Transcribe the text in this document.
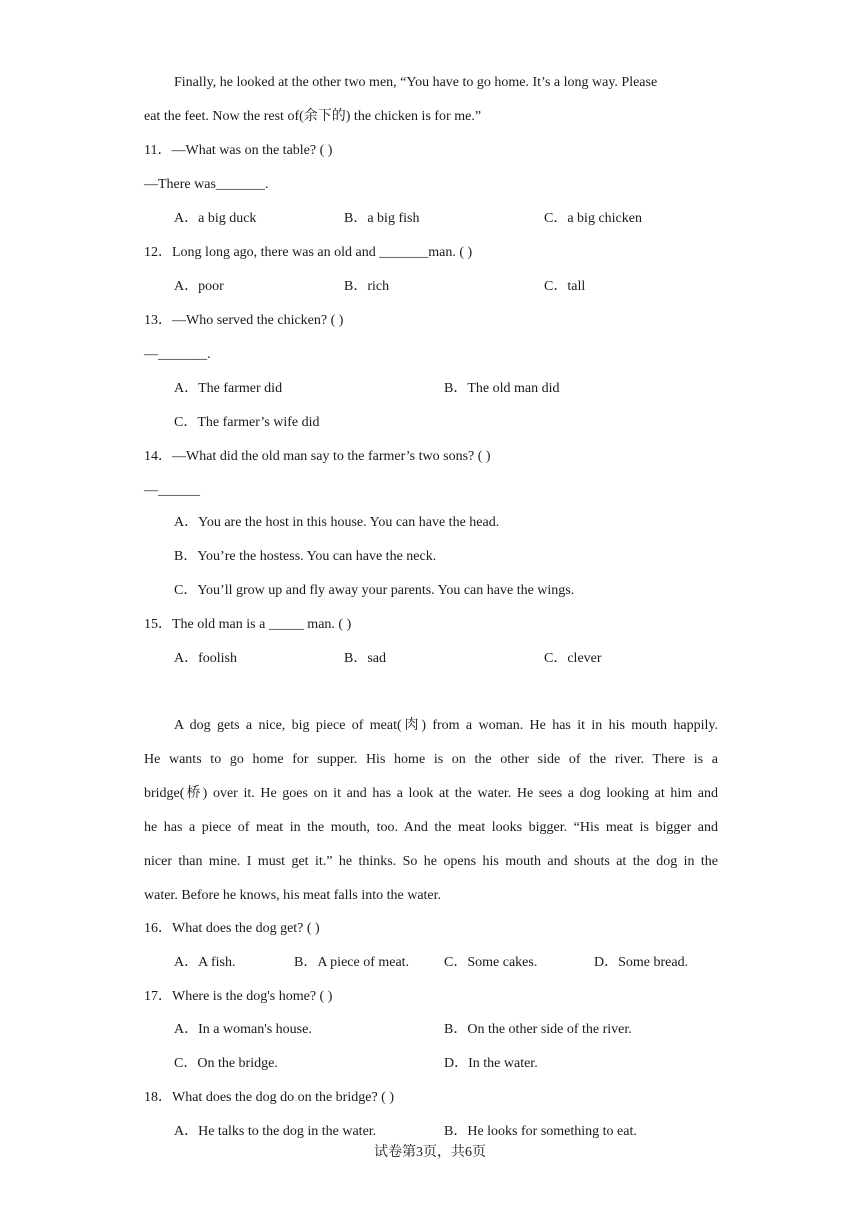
Finally, he looked at the other two men, “You have to go home. It’s a long way. Please
eat the feet. Now the rest of(余下的) the chicken is for me.”
11．—What was on the table? ( )
—There was_______.
A．a big duck	B．a big fish	C．a big chicken
12．Long long ago, there was an old and _______man. ( )
A．poor	B．rich	C．tall
13．—Who served the chicken? ( )
—_______.
A．The farmer did	B．The old man did
C．The farmer’s wife did
14．—What did the old man say to the farmer’s two sons? ( )
—______
A．You are the host in this house. You can have the head.
B．You’re the hostess. You can have the neck.
C．You’ll grow up and fly away your parents. You can have the wings.
15．The old man is a _____ man. ( )
A．foolish	B．sad	C．clever
A dog gets a nice, big piece of meat(肉) from a woman. He has it in his mouth happily.
He wants to go home for supper. His home is on the other side of the river. There is a
bridge(桥) over it. He goes on it and has a look at the water. He sees a dog looking at him and
he has a piece of meat in the mouth, too. And the meat looks bigger. “His meat is bigger and
nicer than mine. I must get it.” he thinks. So he opens his mouth and shouts at the dog in the
water. Before he knows, his meat falls into the water.
16．What does the dog get? ( )
A．A fish.	B．A piece of meat. C．Some cakes.	D．Some bread.
17．Where is the dog's home? ( )
A．In a woman's house.	B．On the other side of the river.
C．On the bridge.	D．In the water.
18．What does the dog do on the bridge? ( )
A．He talks to the dog in the water.	B．He looks for something to eat.
试卷第3页，共6页
